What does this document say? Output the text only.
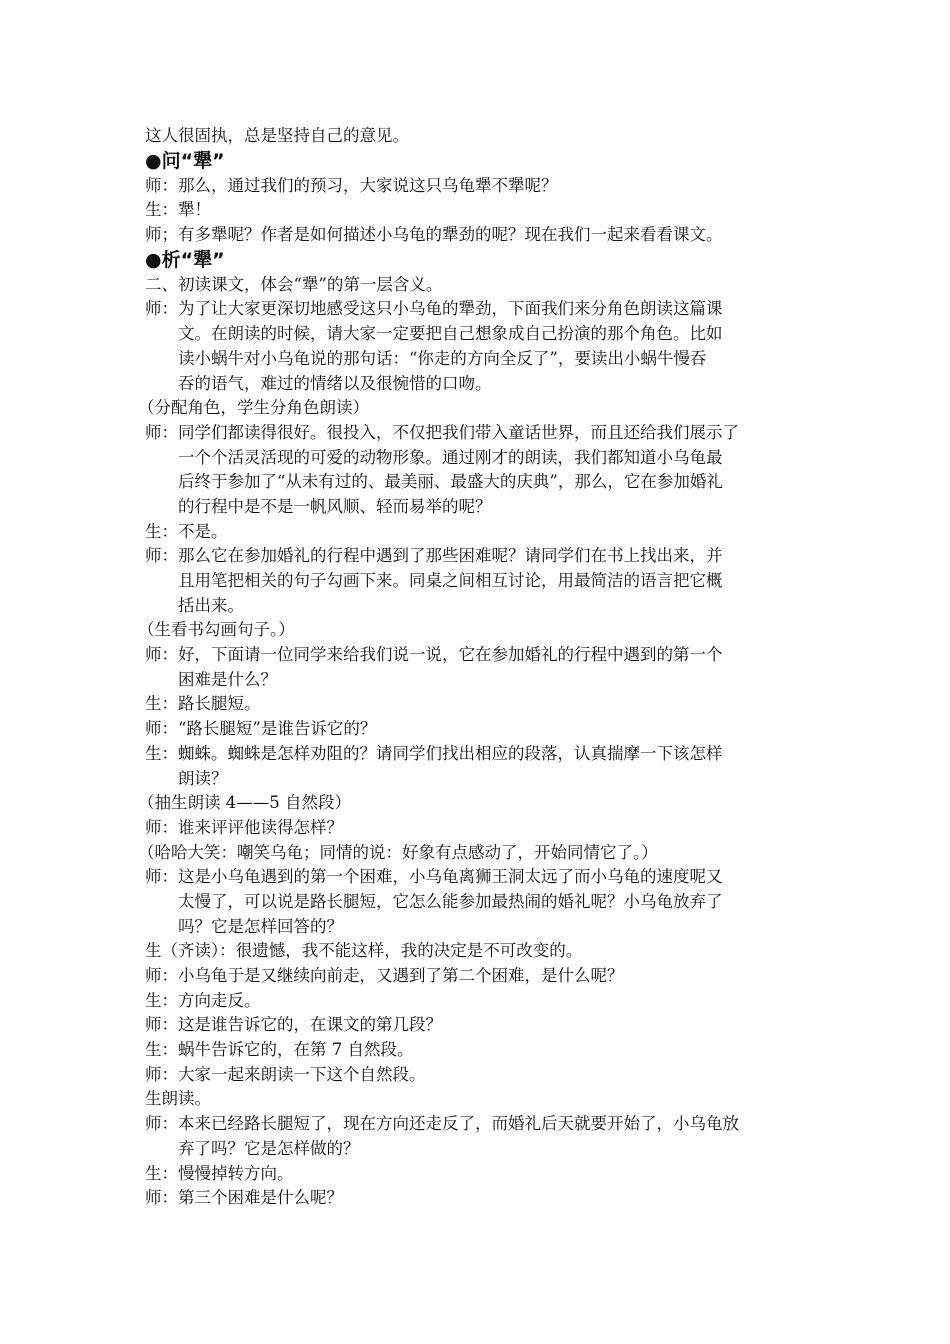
这人很固执，总是坚持自己的意见。
●问“犟”
师：那么，通过我们的预习，大家说这只乌龟犟不犟呢？
生：犟！
师；有多犟呢？作者是如何描述小乌龟的犟劲的呢？现在我们一起来看看课文。
●析“犟”
二、初读课文，体会“犟”的第一层含义。
师：为了让大家更深切地感受这只小乌龟的犟劲，下面我们来分角色朗读这篇课
文。在朗读的时候，请大家一定要把自己想象成自己扮演的那个角色。比如
读小蜗牛对小乌龟说的那句话：“你走的方向全反了”，要读出小蜗牛慢吞
吞的语气，难过的情绪以及很惋惜的口吻。
（分配角色，学生分角色朗读）
师：同学们都读得很好。很投入，不仅把我们带入童话世界，而且还给我们展示了
一个个活灵活现的可爱的动物形象。通过刚才的朗读，我们都知道小乌龟最
后终于参加了“从未有过的、最美丽、最盛大的庆典”，那么，它在参加婚礼
的行程中是不是一帆风顺、轻而易举的呢？
生：不是。
师：那么它在参加婚礼的行程中遇到了那些困难呢？请同学们在书上找出来，并
且用笔把相关的句子勾画下来。同桌之间相互讨论，用最简洁的语言把它概
括出来。
（生看书勾画句子。）
师：好，下面请一位同学来给我们说一说，它在参加婚礼的行程中遇到的第一个
困难是什么？
生：路长腿短。
师：“路长腿短”是谁告诉它的？
生：蜘蛛。蜘蛛是怎样劝阻的？请同学们找出相应的段落，认真揣摩一下该怎样
朗读？
（抽生朗读 4——5 自然段）
师：谁来评评他读得怎样？
（哈哈大笑：嘲笑乌龟；同情的说：好象有点感动了，开始同情它了。）
师：这是小乌龟遇到的第一个困难，小乌龟离狮王洞太远了而小乌龟的速度呢又
太慢了，可以说是路长腿短，它怎么能参加最热闹的婚礼呢？小乌龟放弃了
吗？它是怎样回答的？
生（齐读）：很遗憾，我不能这样，我的决定是不可改变的。
师：小乌龟于是又继续向前走，又遇到了第二个困难，是什么呢？
生：方向走反。
师：这是谁告诉它的，在课文的第几段？
生：蜗牛告诉它的，在第 7 自然段。
师：大家一起来朗读一下这个自然段。
生朗读。
师：本来已经路长腿短了，现在方向还走反了，而婚礼后天就要开始了，小乌龟放
弃了吗？它是怎样做的？
生：慢慢掉转方向。
师：第三个困难是什么呢？
